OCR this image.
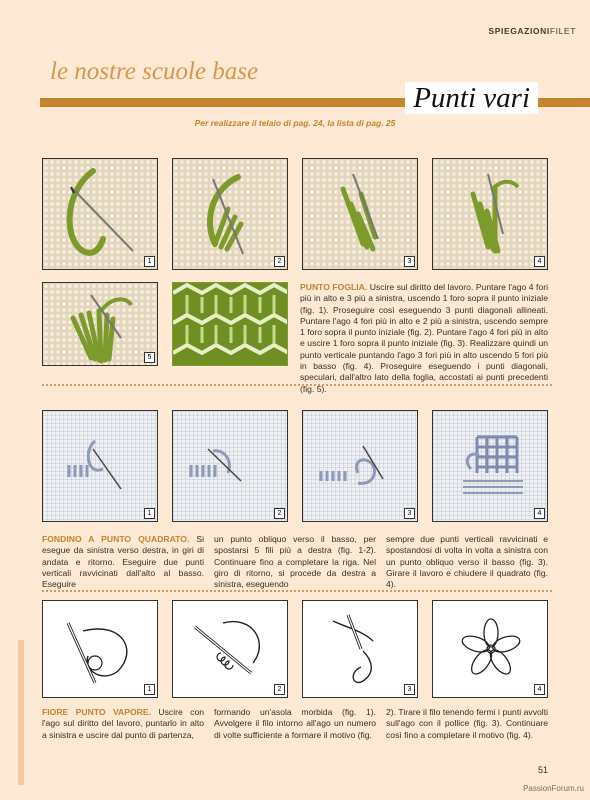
SPIEGAZIONIFILET
le nostre scuole base
Punti vari
Per realizzare il telaio di pag. 24, la lista di pag. 25
1	2	3	4
5
PUNTO FOGLIA. Uscire sul diritto del lavoro. Puntare l'ago 4 fori più in alto e 3 più a sinistra, uscendo 1 foro sopra il punto iniziale (fig. 1). Proseguire così eseguendo 3 punti diagonali allineati. Puntare l'ago 4 fori più in alto e 2 più a sinistra, uscendo sempre 1 foro sopra il punto iniziale (fig. 2). Puntare l'ago 4 fori più in alto e uscire 1 foro sopra il punto iniziale (fig. 3). Realizzare quindi un punto verticale puntando l'ago 3 fori più in alto uscendo 5 fori più in basso (fig. 4). Proseguire eseguendo i punti diagonali, speculari, dall'altro lato della foglia, accostati ai punti precedenti (fig. 5).
1	2	3	4
FONDINO A PUNTO QUADRATO. Si esegue da sinistra verso destra, in giri di andata e ritorno. Eseguire due punti verticali ravvicinati dall'alto al basso. Eseguire
un punto obliquo verso il basso, per spostarsi 5 fili più a destra (fig. 1-2). Continuare fino a completare la riga. Nel giro di ritorno, si procede da destra a sinistra, eseguendo
sempre due punti verticali ravvicinati e spostandosi di volta in volta a sinistra con un punto obliquo verso il basso (fig. 3). Girare il lavoro e chiudere il quadrato (fig. 4).
1	2	3	4
FIORE PUNTO VAPORE. Uscire con l'ago sul diritto del lavoro, puntarlo in alto a sinistra e uscire dal punto di partenza,
formando un'asola morbida (fig. 1). Avvolgere il filo intorno all'ago un numero di volte sufficiente a formare il motivo (fig.
2). Tirare il filo tenendo fermi i punti avvolti sull'ago con il pollice (fig. 3). Continuare così fino a completare il motivo (fig. 4).
51
PassionForum.ru
